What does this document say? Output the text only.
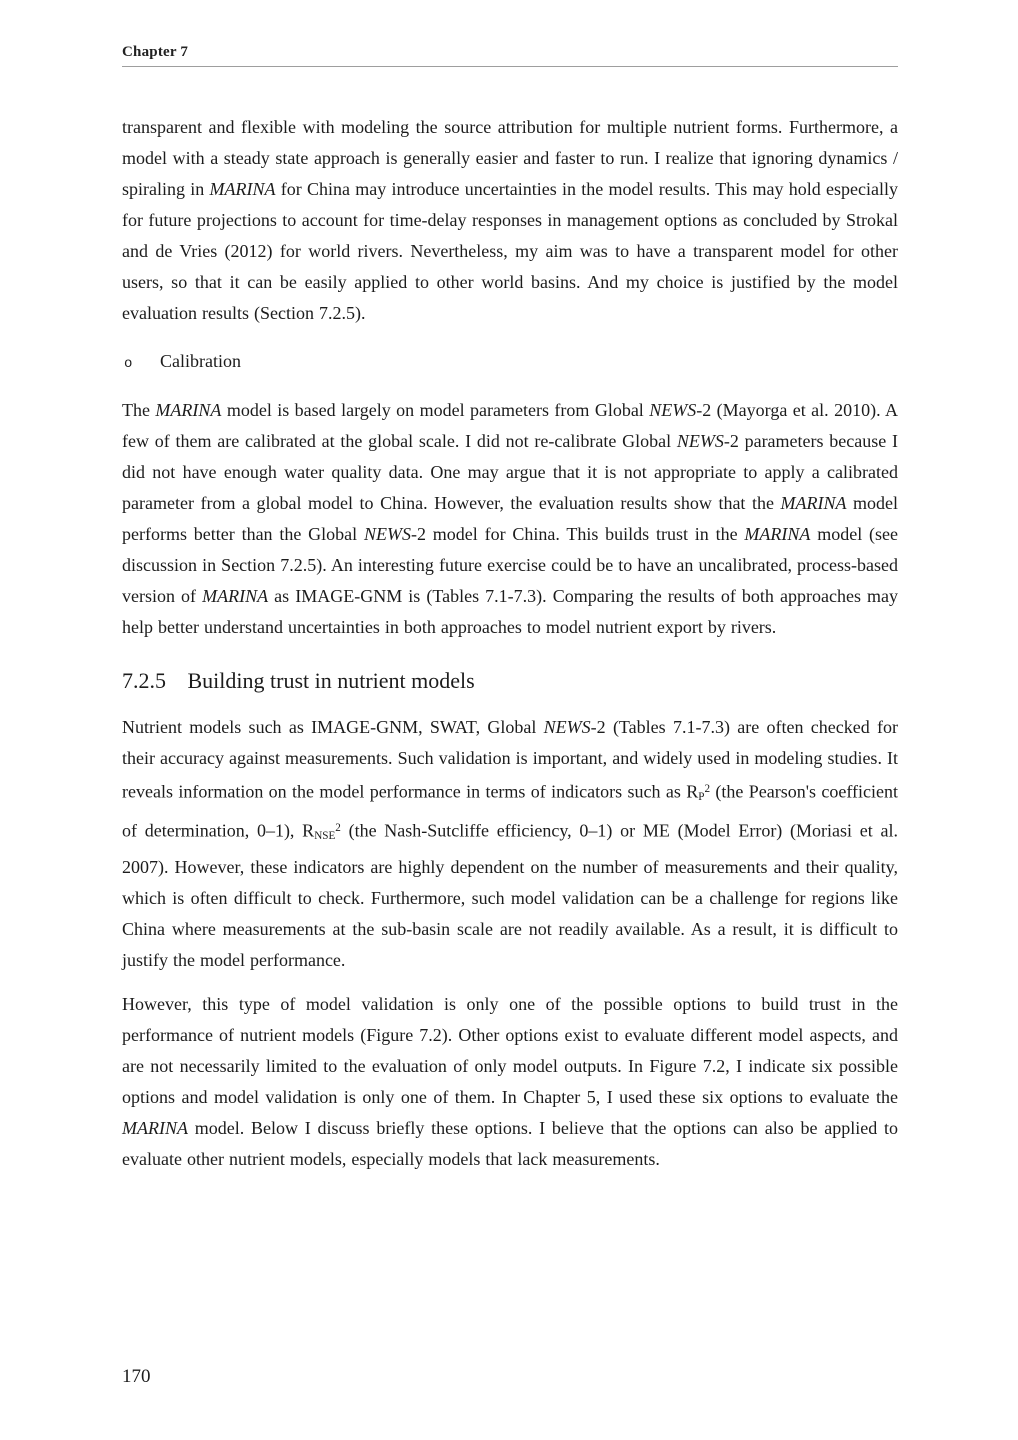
Chapter 7

transparent and flexible with modeling the source attribution for multiple nutrient forms. Furthermore, a model with a steady state approach is generally easier and faster to run. I realize that ignoring dynamics / spiraling in MARINA for China may introduce uncertainties in the model results. This may hold especially for future projections to account for time-delay responses in management options as concluded by Strokal and de Vries (2012) for world rivers. Nevertheless, my aim was to have a transparent model for other users, so that it can be easily applied to other world basins. And my choice is justified by the model evaluation results (Section 7.2.5).

o	Calibration

The MARINA model is based largely on model parameters from Global NEWS-2 (Mayorga et al. 2010). A few of them are calibrated at the global scale. I did not re-calibrate Global NEWS-2 parameters because I did not have enough water quality data. One may argue that it is not appropriate to apply a calibrated parameter from a global model to China. However, the evaluation results show that the MARINA model performs better than the Global NEWS-2 model for China. This builds trust in the MARINA model (see discussion in Section 7.2.5). An interesting future exercise could be to have an uncalibrated, process-based version of MARINA as IMAGE-GNM is (Tables 7.1-7.3). Comparing the results of both approaches may help better understand uncertainties in both approaches to model nutrient export by rivers.

7.2.5 Building trust in nutrient models

Nutrient models such as IMAGE-GNM, SWAT, Global NEWS-2 (Tables 7.1-7.3) are often checked for their accuracy against measurements. Such validation is important, and widely used in modeling studies. It reveals information on the model performance in terms of indicators such as $RP^2$ (the Pearson's coefficient of determination, 0–1), RNSE$^2$ (the Nash-Sutcliffe efficiency, 0–1) or ME (Model Error) (Moriasi et al. 2007). However, these indicators are highly dependent on the number of measurements and their quality, which is often difficult to check. Furthermore, such model validation can be a challenge for regions like China where measurements at the sub-basin scale are not readily available. As a result, it is difficult to justify the model performance.

However, this type of model validation is only one of the possible options to build trust in the performance of nutrient models (Figure 7.2). Other options exist to evaluate different model aspects, and are not necessarily limited to the evaluation of only model outputs. In Figure 7.2, I indicate six possible options and model validation is only one of them. In Chapter 5, I used these six options to evaluate the MARINA model. Below I discuss briefly these options. I believe that the options can also be applied to evaluate other nutrient models, especially models that lack measurements.

170
